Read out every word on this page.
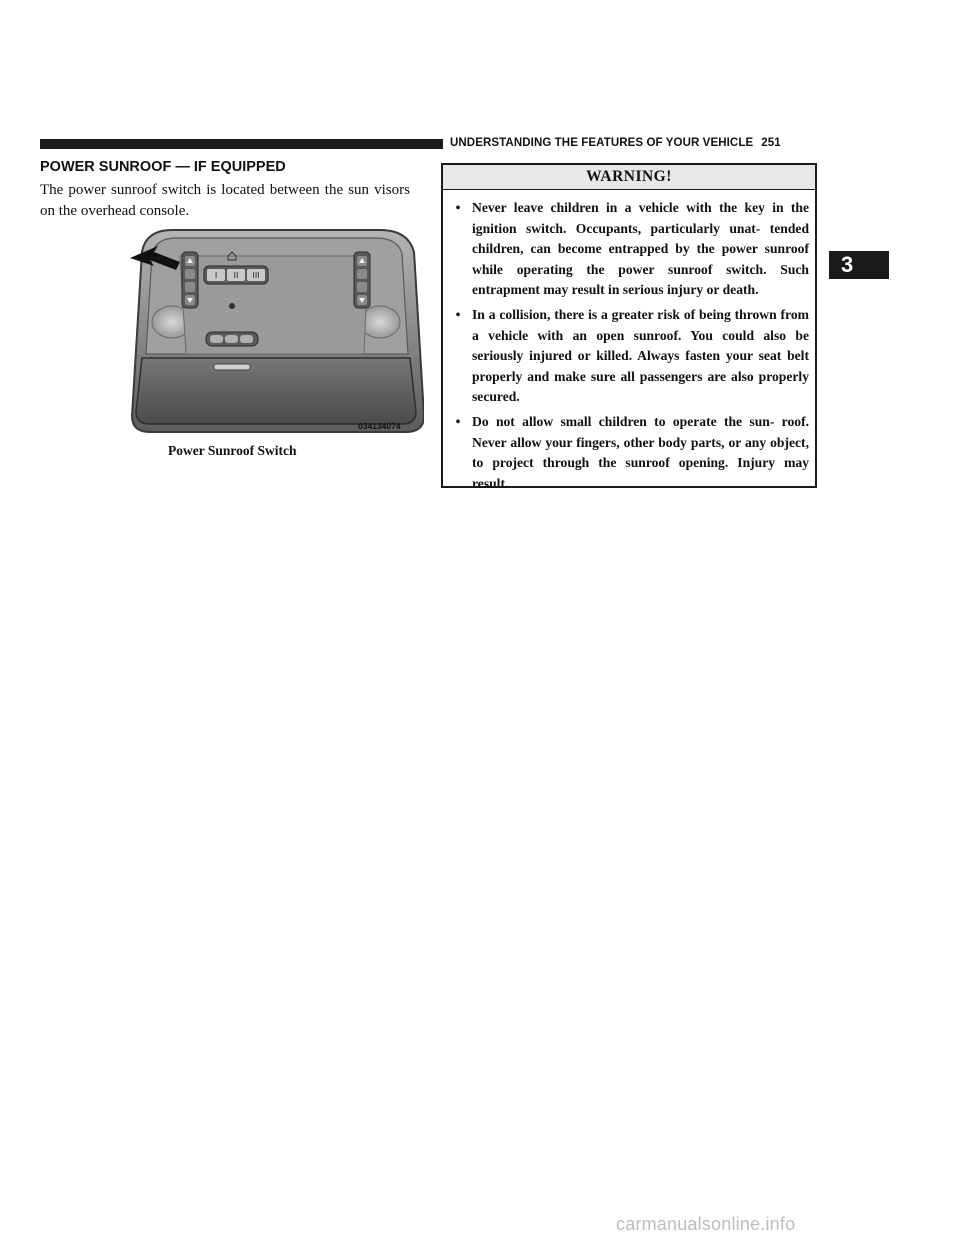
UNDERSTANDING THE FEATURES OF YOUR VEHICLE 251
POWER SUNROOF — IF EQUIPPED
The power sunroof switch is located between the sun visors on the overhead console.
I II III
034134074
Power Sunroof Switch
WARNING!
• Never leave children in a vehicle with the key in the ignition switch. Occupants, particularly unat- tended children, can become entrapped by the power sunroof while operating the power sunroof switch. Such entrapment may result in serious injury or death.
• In a collision, there is a greater risk of being thrown from a vehicle with an open sunroof. You could also be seriously injured or killed. Always fasten your seat belt properly and make sure all passengers are also properly secured.
• Do not allow small children to operate the sun- roof. Never allow your fingers, other body parts, or any object, to project through the sunroof opening. Injury may result.
3
carmanualsonline.info
